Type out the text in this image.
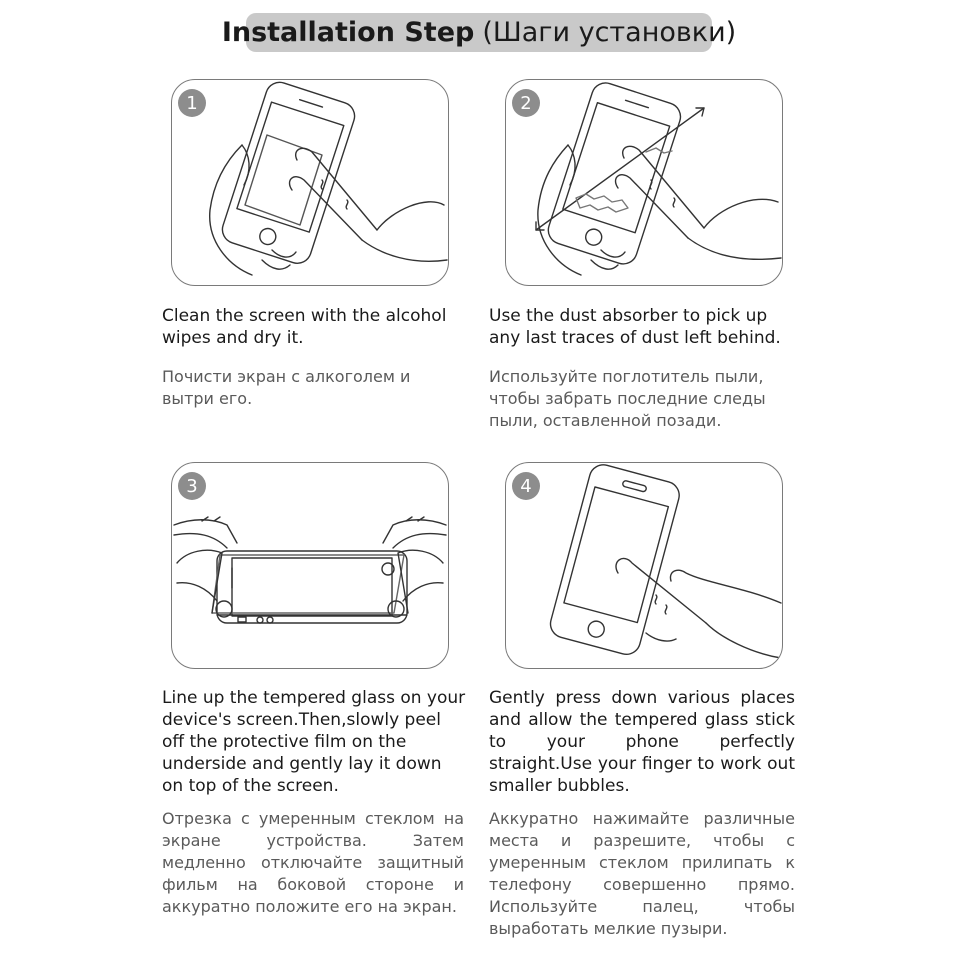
Installation Step (Шаги установки)
1
Clean the screen with the alcohol wipes and dry it.
Почисти экран с алкоголем и вытри его.
2
Use the dust absorber to pick up any last traces of dust left behind.
Используйте поглотитель пыли, чтобы забрать последние следы пыли, оставленной позади.
3
Line up the tempered glass on your device's screen.Then,slowly peel off the protective film on the underside and gently lay it down on top of the screen.
Отрезка с умеренным стеклом на экране устройства. Затем медленно отключайте защитный фильм на боковой стороне и аккуратно положите его на экран.
4
Gently press down various places and allow the tempered glass stick to your phone perfectly straight.Use your finger to work out smaller bubbles.
Аккуратно нажимайте различные места и разрешите, чтобы с умеренным стеклом прилипать к телефону совершенно прямо. Используйте палец, чтобы выработать мелкие пузыри.
